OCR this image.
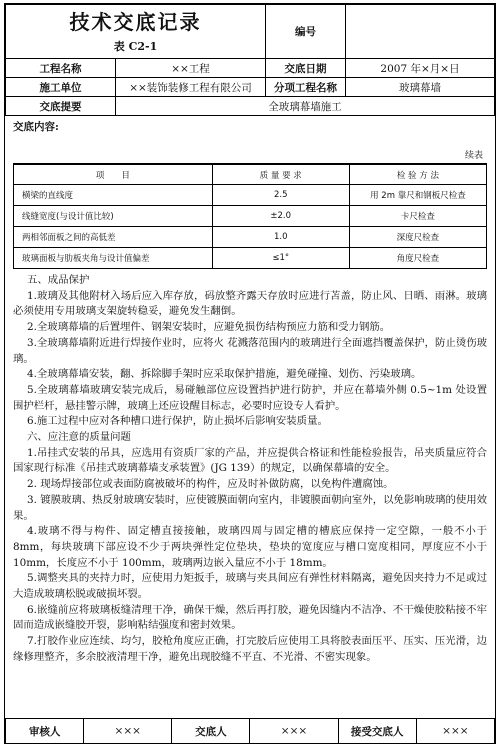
技术交底记录
表 C2-1		编号	
工程名称	××工程	交底日期	2007 年×月×日
施工单位	××装饰装修工程有限公司	分项工程名称	玻璃幕墙
交底提要	全玻璃幕墙施工		
交底内容:
续表
项　　目	质 量 要 求	检 验 方 法
横梁的直线度	2.5	用 2m 靠尺和钢板尺检查
线缝宽度(与设计值比较)	±2.0	卡尺检查
两相邻面板之间的高低差	1.0	深度尺检查
玻璃面板与肋板夹角与设计值偏差	≤1°	角度尺检查

五、成品保护

1.玻璃及其他附材入场后应入库存放，码放整齐露天存放时应进行苫盖，防止风、日晒、雨淋。玻璃必须使用专用玻璃支架旋转稳妥，避免发生翻倒。

2.全玻璃幕墙的后置埋件、钢架安装时，应避免损伤结构预应力筋和受力钢筋。

3.全玻璃幕墙附近进行焊接作业时，应将火 花溅落范围内的玻璃进行全面遮挡覆盖保护，防止烫伤玻璃。

4.全玻璃幕墙安装，翻、拆除脚手架时应采取保护措施，避免碰撞、划伤、污染玻璃。

5.全玻璃幕墙玻璃安装完成后，易碰触部位应设置挡护进行防护，并应在幕墙外侧 0.5~1m 处设置围护栏杆，悬挂警示牌，玻璃上还应设醒目标志，必要时应设专人看护。

6.施工过程中应对各种槽口进行保护，防止损坏后影响安装质量。

六、应注意的质量问题

1.吊挂式安装的吊具，应选用有资质厂家的产品，并应提供合格证和性能检验报告，吊夹质量应符合国家现行标准《吊挂式玻璃幕墙支承装置》(JG 139）的规定，以确保幕墙的安全。

2. 现场焊接部位或表面防腐被破坏的构件，应及时补做防腐，以免构件遭腐蚀。

3. 镀膜玻璃、热反射玻璃安装时，应使镀膜面朝向室内，非镀膜面朝向室外，以免影响玻璃的使用效果。

4.玻璃不得与构件、固定槽直接接触，玻璃四周与固定槽的槽底应保持一定空隙，一般不小于 8mm，每块玻璃下部应设不少于两块弹性定位垫块，垫块的宽度应与槽口宽度相同，厚度应不小于 10mm，长度应不小于 100mm，玻璃两边嵌入量应不小于 18mm。

5.调整夹具的夹持力时，应使用力矩扳手，玻璃与夹具间应有弹性材料隔离，避免因夹持力不足或过大造成玻璃松脱或破损坏裂。

6.嵌缝前应将玻璃板缝清理干净，确保干燥，然后再打胶，避免因缝内不洁净、不干燥使胶粘接不牢固而造成嵌缝胶开裂，影响粘结强度和密封效果。

7.打胶作业应连续、均匀，胶枪角度应正确，打完胶后应使用工具将胶表面压平、压实、压光滑，边缘修理整齐，多余胶液清理干净，避免出现胶缝不平直、不光滑、不密实现象。

审核人	×××	交底人	×××	接受交底人	×××
